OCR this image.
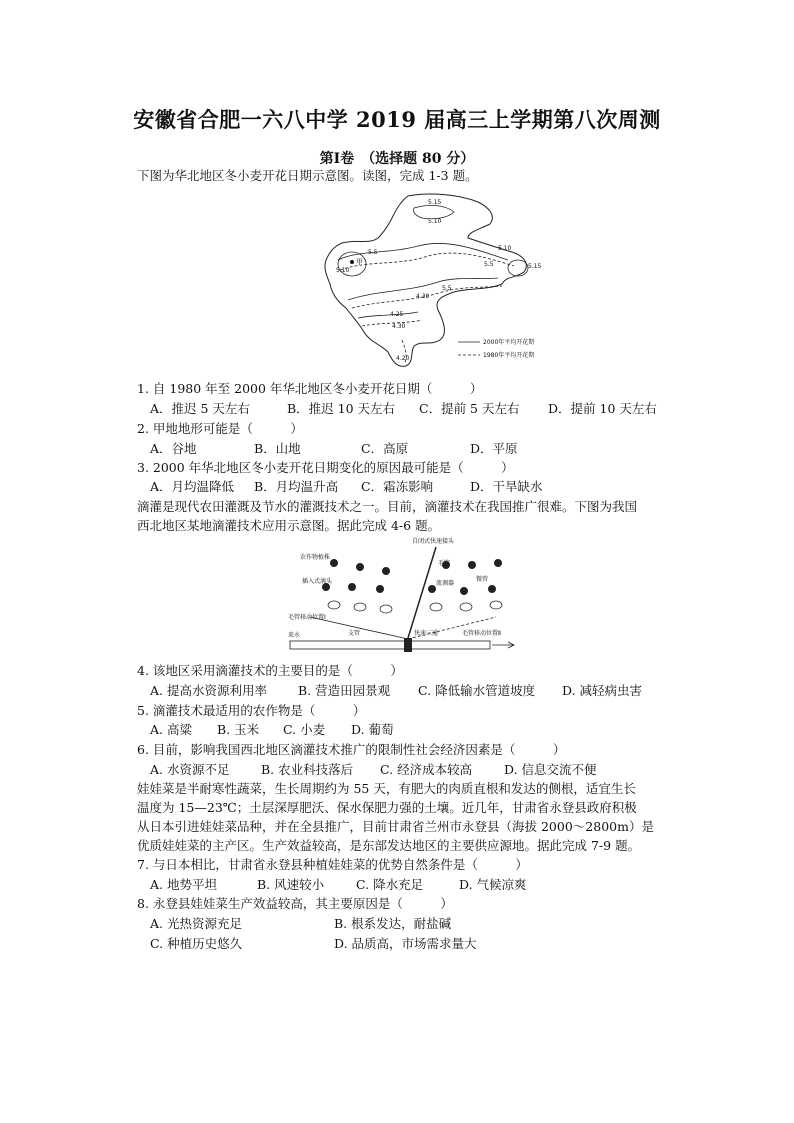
安徽省合肥一六八中学 2019 届高三上学期第八次周测
第Ⅰ卷　（选择题 80 分）
下图为华北地区冬小麦开花日期示意图。读图，完成 1-3 题。
甲
5.15
5.10
5.5
4.30
4.25
4.20
5.10
5.5	5.15
5.10
5.5
4.30
2000年平均开花期
1980年平均开花期
1. 自 1980 年至 2000 年华北地区冬小麦开花日期（　　　）
A．推迟 5 天左右	B．推迟 10 天左右 C．提前 5 天左右 D．提前 10 天左右
2. 甲地地形可能是（　　　）
A．谷地	B．山地	C．高原	D．平原
3. 2000 年华北地区冬小麦开花日期变化的原因最可能是（　　　）
A．月均温降低 B．月均温升高 C．霜冻影响	D．干旱缺水
滴灌是现代农田灌溉及节水的灌溉技术之一。目前，滴灌技术在我国推广很难。下图为我国
西北地区某地滴灌技术应用示意图。据此完成 4-6 题。
自闭式快速接头
农作物植株
插入式滴头
毛管
流调器
微管
毛管移动位置Ⅰ
来水	支管	快速三通	毛管移动位置Ⅱ
4. 该地区采用滴灌技术的主要目的是（　　　）
A. 提高水资源利用率 B. 营造田园景观 C. 降低输水管道坡度 D. 减轻病虫害
5. 滴灌技术最适用的农作物是（　　　）
A. 高粱 B. 玉米 C. 小麦 D. 葡萄
6. 目前，影响我国西北地区滴灌技术推广的限制性社会经济因素是（　　　）
A. 水资源不足	B. 农业科技落后 C. 经济成本较高	D. 信息交流不便
娃娃菜是半耐寒性蔬菜，生长周期约为 55 天，有肥大的肉质直根和发达的侧根，适宜生长
温度为 15—23℃；土层深厚肥沃、保水保肥力强的土壤。近几年，甘肃省永登县政府积极
从日本引进娃娃菜品种，并在全县推广，目前甘肃省兰州市永登县（海拔 2000～2800m）是
优质娃娃菜的主产区。生产效益较高，是东部发达地区的主要供应源地。据此完成 7-9 题。
7. 与日本相比，甘肃省永登县种植娃娃菜的优势自然条件是（　　　）
A. 地势平坦	B. 风速较小	C. 降水充足	D. 气候凉爽
8. 永登县娃娃菜生产效益较高，其主要原因是（　　　）
A. 光热资源充足	B. 根系发达，耐盐碱
C. 种植历史悠久	D. 品质高，市场需求量大
